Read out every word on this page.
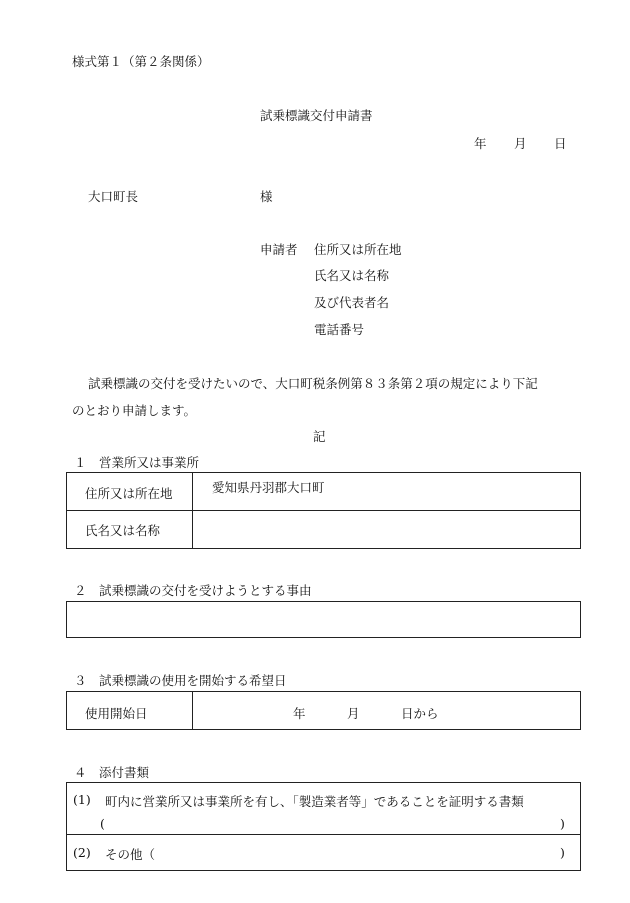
様式第１（第２条関係）
試乗標識交付申請書
年 月 日
大口町長	様
申請者 住所又は所在地
氏名又は名称
及び代表者名
電話番号
試乗標識の交付を受けたいので、大口町税条例第８３条第２項の規定により下記
のとおり申請します。
記
１　営業所又は事業所
住所又は所在地	愛知県丹羽郡大口町
氏名又は名称
２　試乗標識の交付を受けようとする事由
３　試乗標識の使用を開始する希望日
使用開始日	年	月	日から
４　添付書類
(1) 町内に営業所又は事業所を有し、「製造業者等」であることを証明する書類
(	)
(2) その他（	)
